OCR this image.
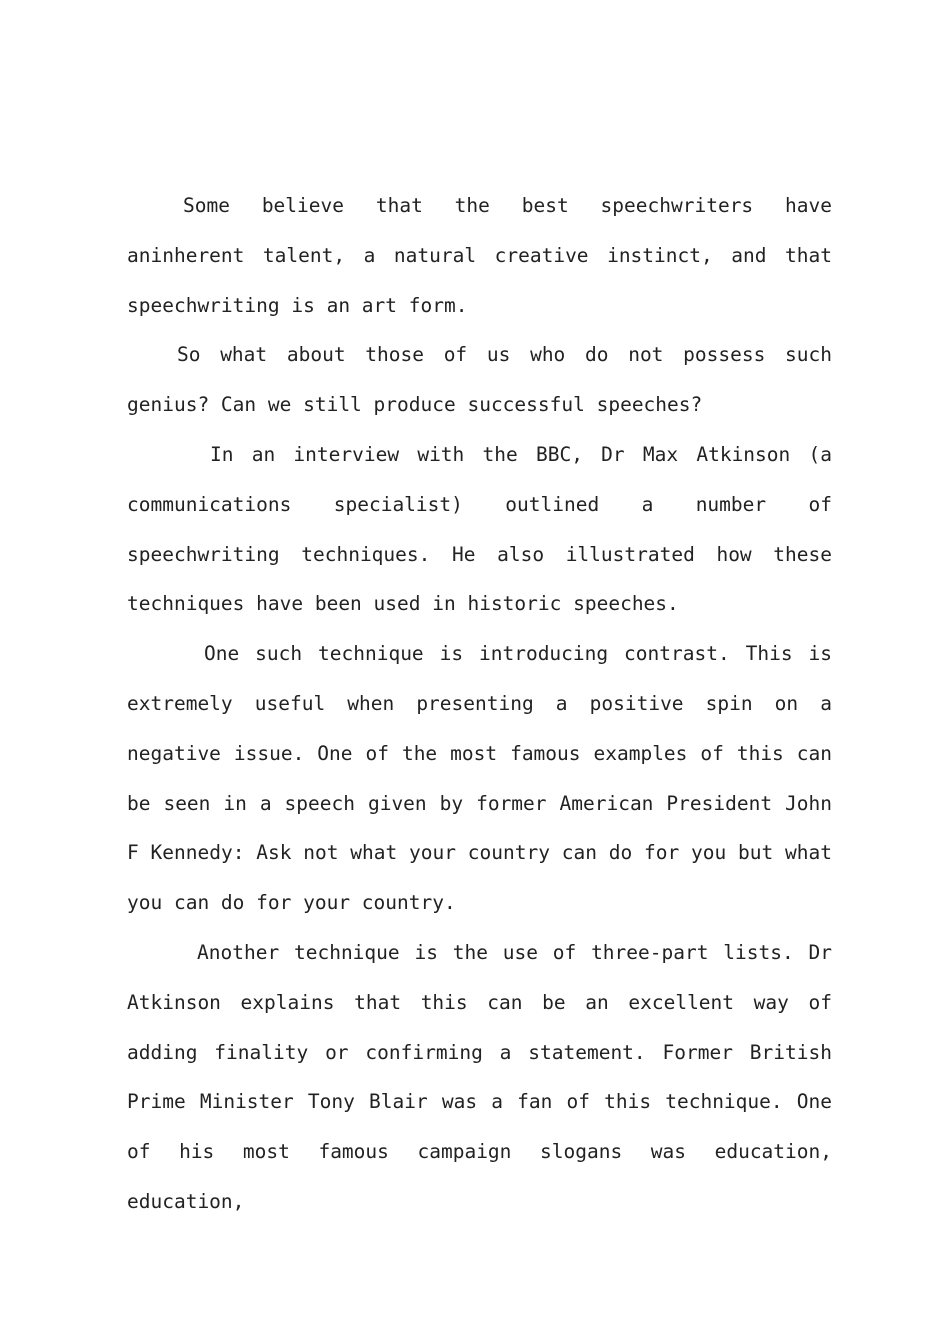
Some believe that the best speechwriters have aninherent talent, a natural creative instinct, and that speechwriting is an art form.

So what about those of us who do not possess such genius? Can we still produce successful speeches?

In an interview with the BBC, Dr Max Atkinson (a communications specialist) outlined a number of speechwriting techniques. He also illustrated how these techniques have been used in historic speeches.

One such technique is introducing contrast. This is extremely useful when presenting a positive spin on a negative issue. One of the most famous examples of this can be seen in a speech given by former American President John F Kennedy: Ask not what your country can do for you but what you can do for your country.

Another technique is the use of three-part lists. Dr Atkinson explains that this can be an excellent way of adding finality or confirming a statement. Former British Prime Minister Tony Blair was a fan of this technique. One of his most famous campaign slogans was education, education,
